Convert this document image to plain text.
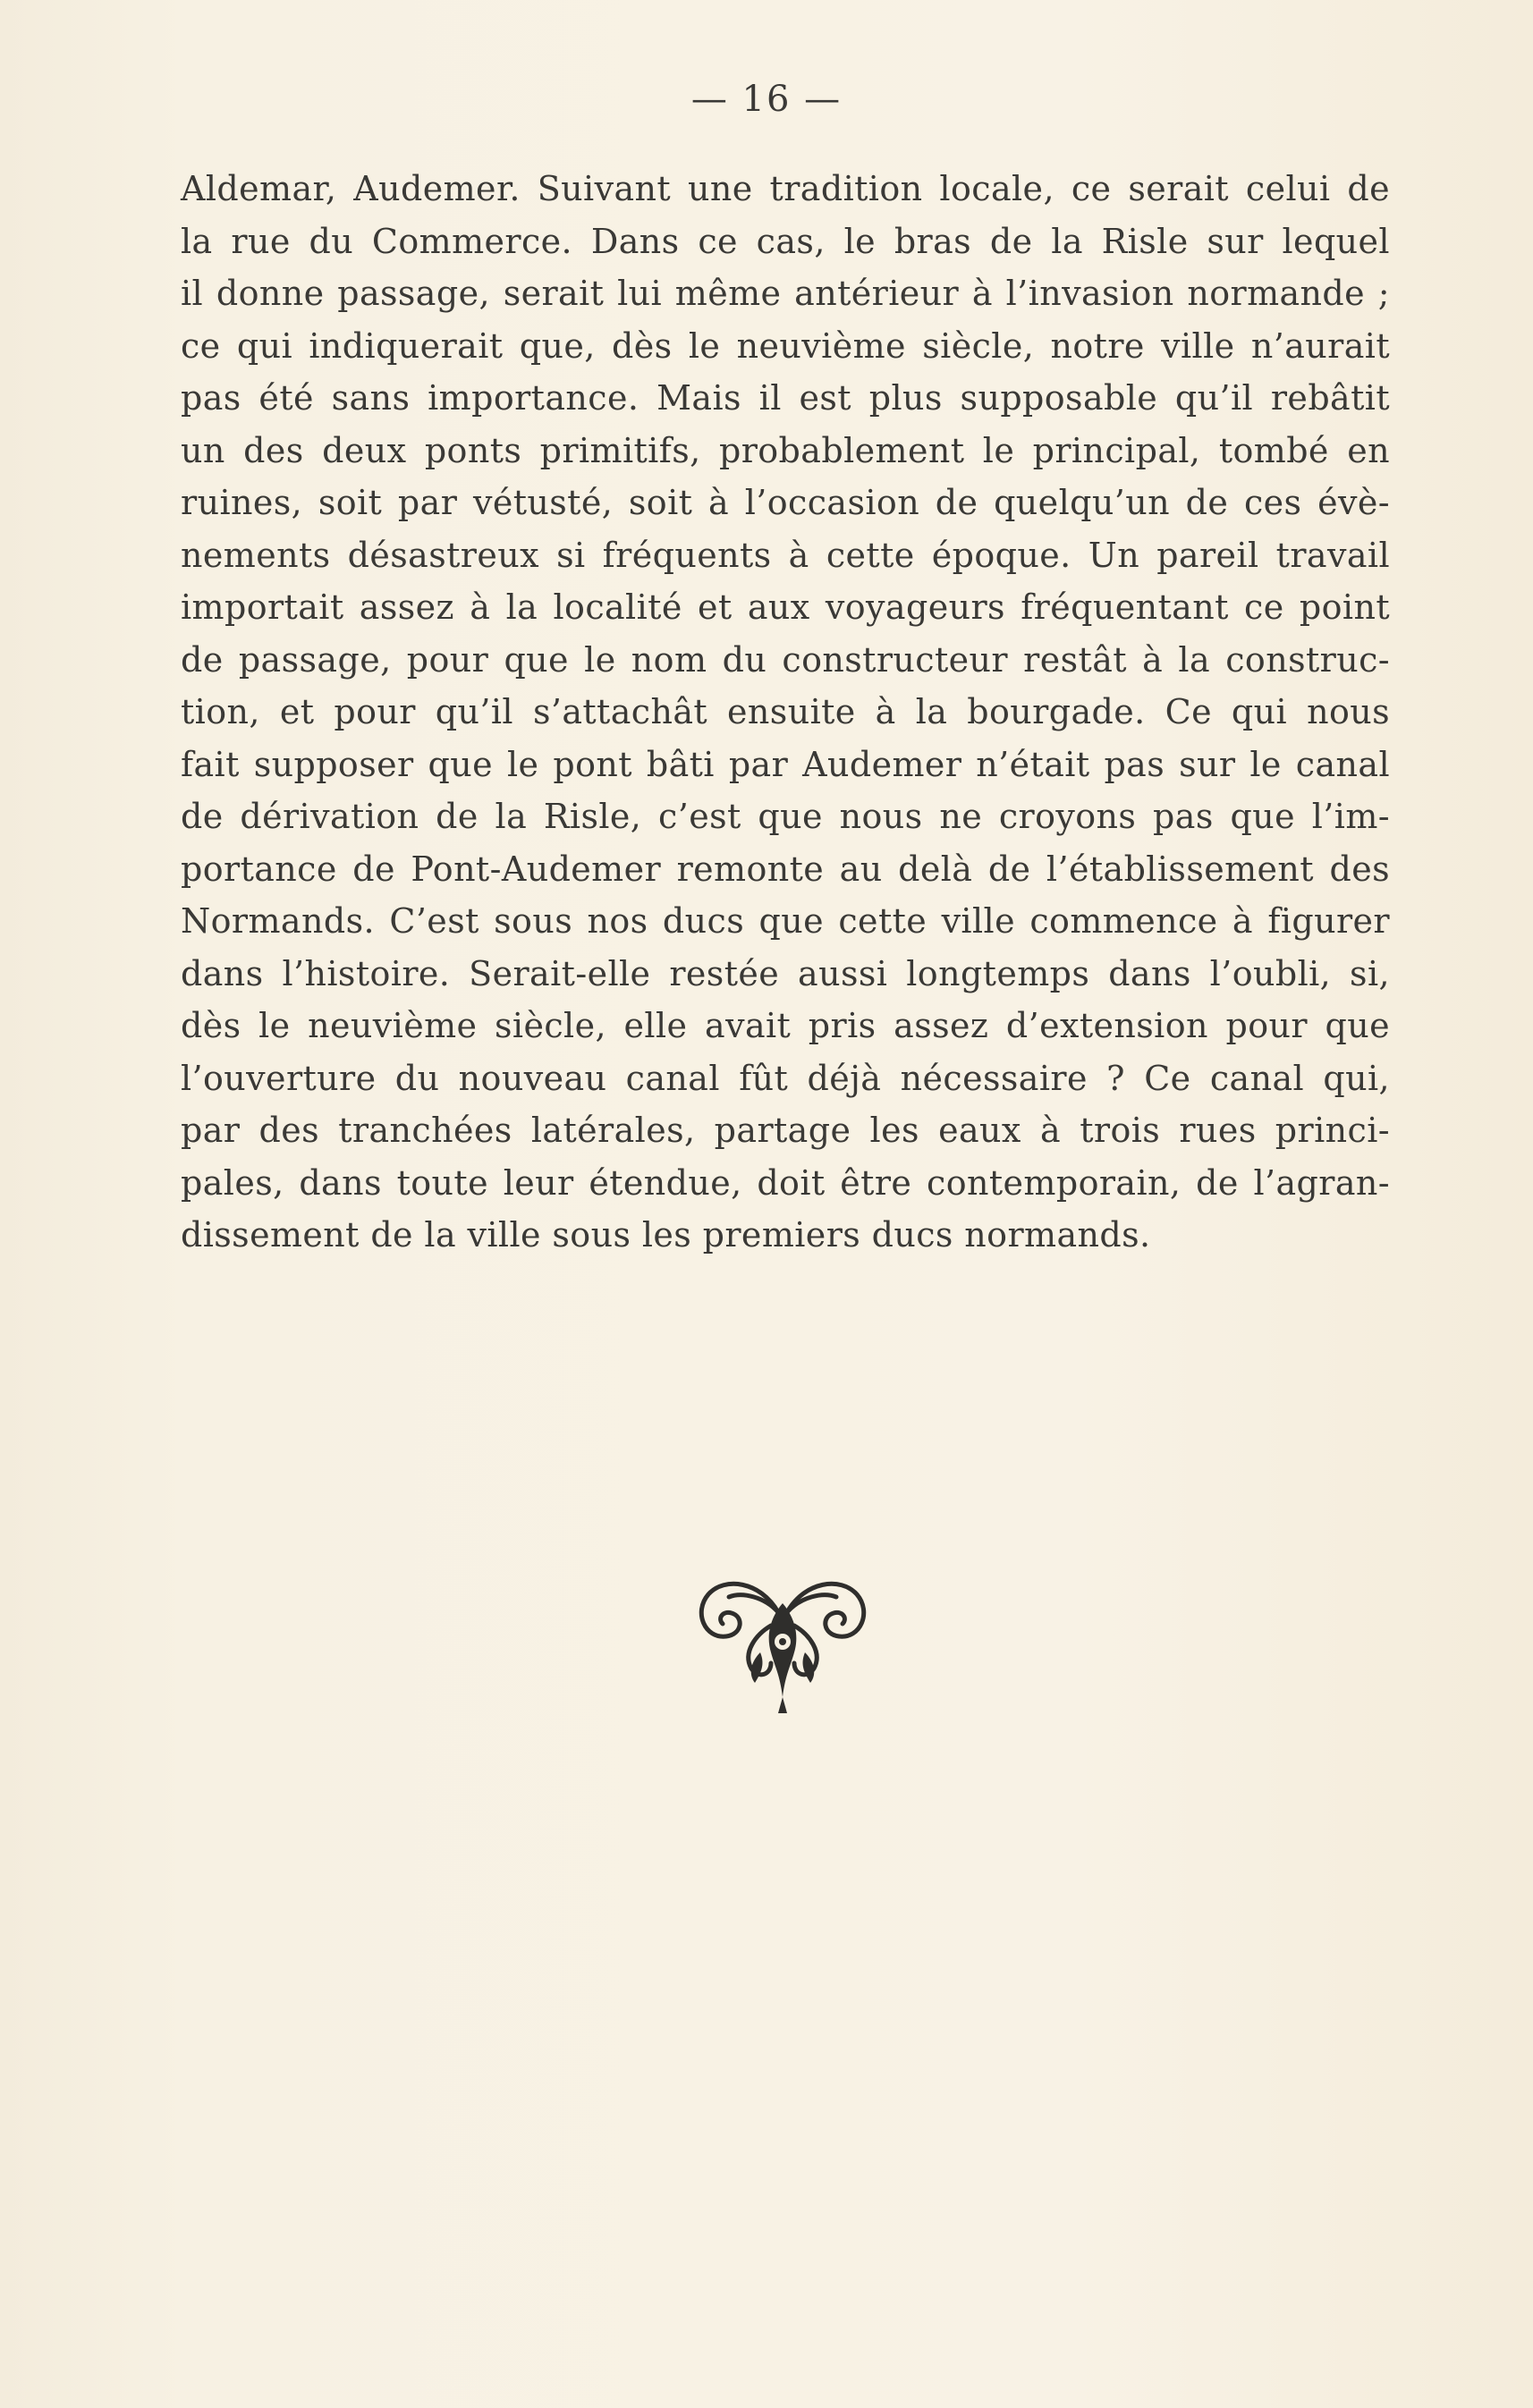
— 16 —
Aldemar, Audemer. Suivant une tradition locale, ce serait celui de
la rue du Commerce. Dans ce cas, le bras de la Risle sur lequel
il donne passage, serait lui même antérieur à l’invasion normande ;
ce qui indiquerait que, dès le neuvième siècle, notre ville n’aurait
pas été sans importance. Mais il est plus supposable qu’il rebâtit
un des deux ponts primitifs, probablement le principal, tombé en
ruines, soit par vétusté, soit à l’occasion de quelqu’un de ces évè-
nements désastreux si fréquents à cette époque. Un pareil travail
importait assez à la localité et aux voyageurs fréquentant ce point
de passage, pour que le nom du constructeur restât à la construc-
tion, et pour qu’il s’attachât ensuite à la bourgade. Ce qui nous
fait supposer que le pont bâti par Audemer n’était pas sur le canal
de dérivation de la Risle, c’est que nous ne croyons pas que l’im-
portance de Pont-Audemer remonte au delà de l’établissement des
Normands. C’est sous nos ducs que cette ville commence à figurer
dans l’histoire. Serait-elle restée aussi longtemps dans l’oubli, si,
dès le neuvième siècle, elle avait pris assez d’extension pour que
l’ouverture du nouveau canal fût déjà nécessaire ? Ce canal qui,
par des tranchées latérales, partage les eaux à trois rues princi-
pales, dans toute leur étendue, doit être contemporain, de l’agran-
dissement de la ville sous les premiers ducs normands.
